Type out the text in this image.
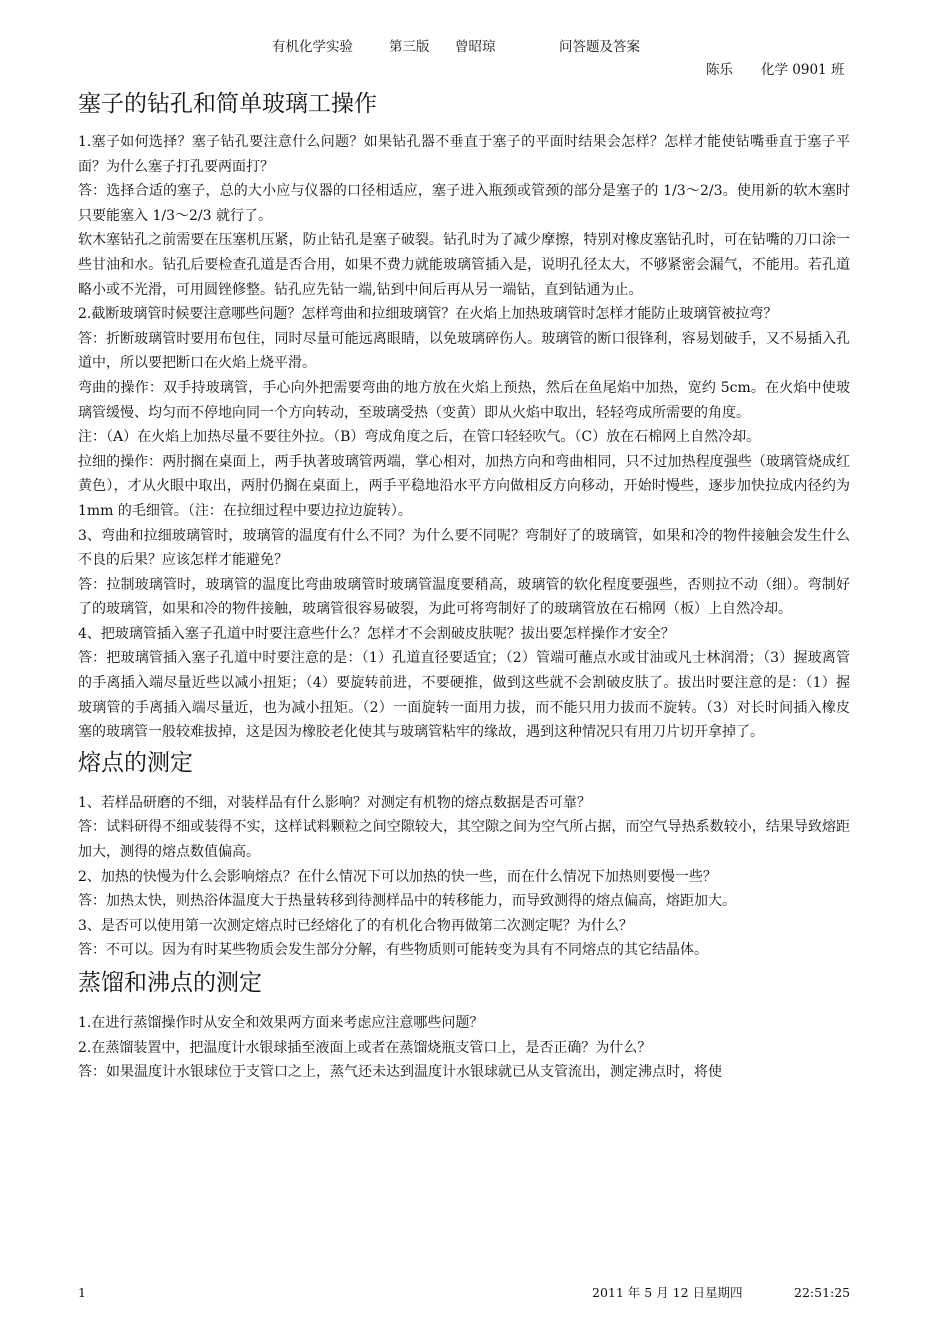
有机化学实验

	第三版

曾昭琼

	问答题及答案

陈乐 化学 0901 班
塞子的钻孔和简单玻璃工操作

1.塞子如何选择？塞子钻孔要注意什么问题？如果钻孔器不垂直于塞子的平面时结果会怎样？怎样才能使钻嘴垂直于塞子平面？为什么塞子打孔要两面打？

答：选择合适的塞子，总的大小应与仪器的口径相适应，塞子进入瓶颈或管颈的部分是塞子的 1/3～2/3。使用新的软木塞时只要能塞入 1/3～2/3 就行了。

软木塞钻孔之前需要在压塞机压紧，防止钻孔是塞子破裂。钻孔时为了减少摩擦，特别对橡皮塞钻孔时，可在钻嘴的刀口涂一些甘油和水。钻孔后要检查孔道是否合用，如果不费力就能玻璃管插入是，说明孔径太大，不够紧密会漏气，不能用。若孔道略小或不光滑，可用圆锉修整。钻孔应先钻一端,钻到中间后再从另一端钻，直到钻通为止。

2.截断玻璃管时候要注意哪些问题？怎样弯曲和拉细玻璃管？在火焰上加热玻璃管时怎样才能防止玻璃管被拉弯？

答：折断玻璃管时要用布包住，同时尽量可能远离眼睛，以免玻璃碎伤人。玻璃管的断口很锋利，容易划破手，又不易插入孔道中，所以要把断口在火焰上烧平滑。

弯曲的操作：双手持玻璃管，手心向外把需要弯曲的地方放在火焰上预热，然后在鱼尾焰中加热，宽约 5cm。在火焰中使玻璃管缓慢、均匀而不停地向同一个方向转动，至玻璃受热（变黄）即从火焰中取出，轻轻弯成所需要的角度。

注：（A）在火焰上加热尽量不要往外拉。（B）弯成角度之后，在管口轻轻吹气。（C）放在石棉网上自然冷却。

拉细的操作：两肘搁在桌面上，两手执著玻璃管两端，掌心相对，加热方向和弯曲相同，只不过加热程度强些（玻璃管烧成红黄色），才从火眼中取出，两肘仍搁在桌面上，两手平稳地沿水平方向做相反方向移动，开始时慢些，逐步加快拉成内径约为 1mm 的毛细管。（注：在拉细过程中要边拉边旋转）。

3、弯曲和拉细玻璃管时，玻璃管的温度有什么不同？为什么要不同呢？弯制好了的玻璃管，如果和冷的物件接触会发生什么不良的后果？应该怎样才能避免？

答：拉制玻璃管时，玻璃管的温度比弯曲玻璃管时玻璃管温度要稍高，玻璃管的软化程度要强些，否则拉不动（细）。弯制好了的玻璃管，如果和冷的物件接触，玻璃管很容易破裂，为此可将弯制好了的玻璃管放在石棉网（板）上自然冷却。

4、把玻璃管插入塞子孔道中时要注意些什么？怎样才不会割破皮肤呢？拔出要怎样操作才安全？

答：把玻璃管插入塞子孔道中时要注意的是：（1）孔道直径要适宜；（2）管端可蘸点水或甘油或凡士林润滑；（3）握玻离管的手离插入端尽量近些以减小扭矩；（4）要旋转前进，不要硬推，做到这些就不会割破皮肤了。拔出时要注意的是：（1）握玻璃管的手离插入端尽量近，也为减小扭矩。（2）一面旋转一面用力拔，而不能只用力拔而不旋转。（3）对长时间插入橡皮塞的玻璃管一般较难拔掉，这是因为橡胶老化使其与玻璃管粘牢的缘故，遇到这种情况只有用刀片切开拿掉了。

熔点的测定

1、若样品研磨的不细，对装样品有什么影响？对测定有机物的熔点数据是否可靠？

答：试料研得不细或装得不实，这样试料颗粒之间空隙较大，其空隙之间为空气所占据，而空气导热系数较小，结果导致熔距加大，测得的熔点数值偏高。

2、加热的快慢为什么会影响熔点？在什么情况下可以加热的快一些，而在什么情况下加热则要慢一些？

答：加热太快，则热浴体温度大于热量转移到待测样品中的转移能力，而导致测得的熔点偏高，熔距加大。

3、是否可以使用第一次测定熔点时已经熔化了的有机化合物再做第二次测定呢？为什么？

答：不可以。因为有时某些物质会发生部分分解，有些物质则可能转变为具有不同熔点的其它结晶体。

蒸馏和沸点的测定

1.在进行蒸馏操作时从安全和效果两方面来考虑应注意哪些问题？

2.在蒸馏装置中，把温度计水银球插至液面上或者在蒸馏烧瓶支管口上，是否正确？为什么？

答：如果温度计水银球位于支管口之上，蒸气还未达到温度计水银球就已从支管流出，测定沸点时，将使

1	2011 年 5 月 12 日星期四	22:51:25
